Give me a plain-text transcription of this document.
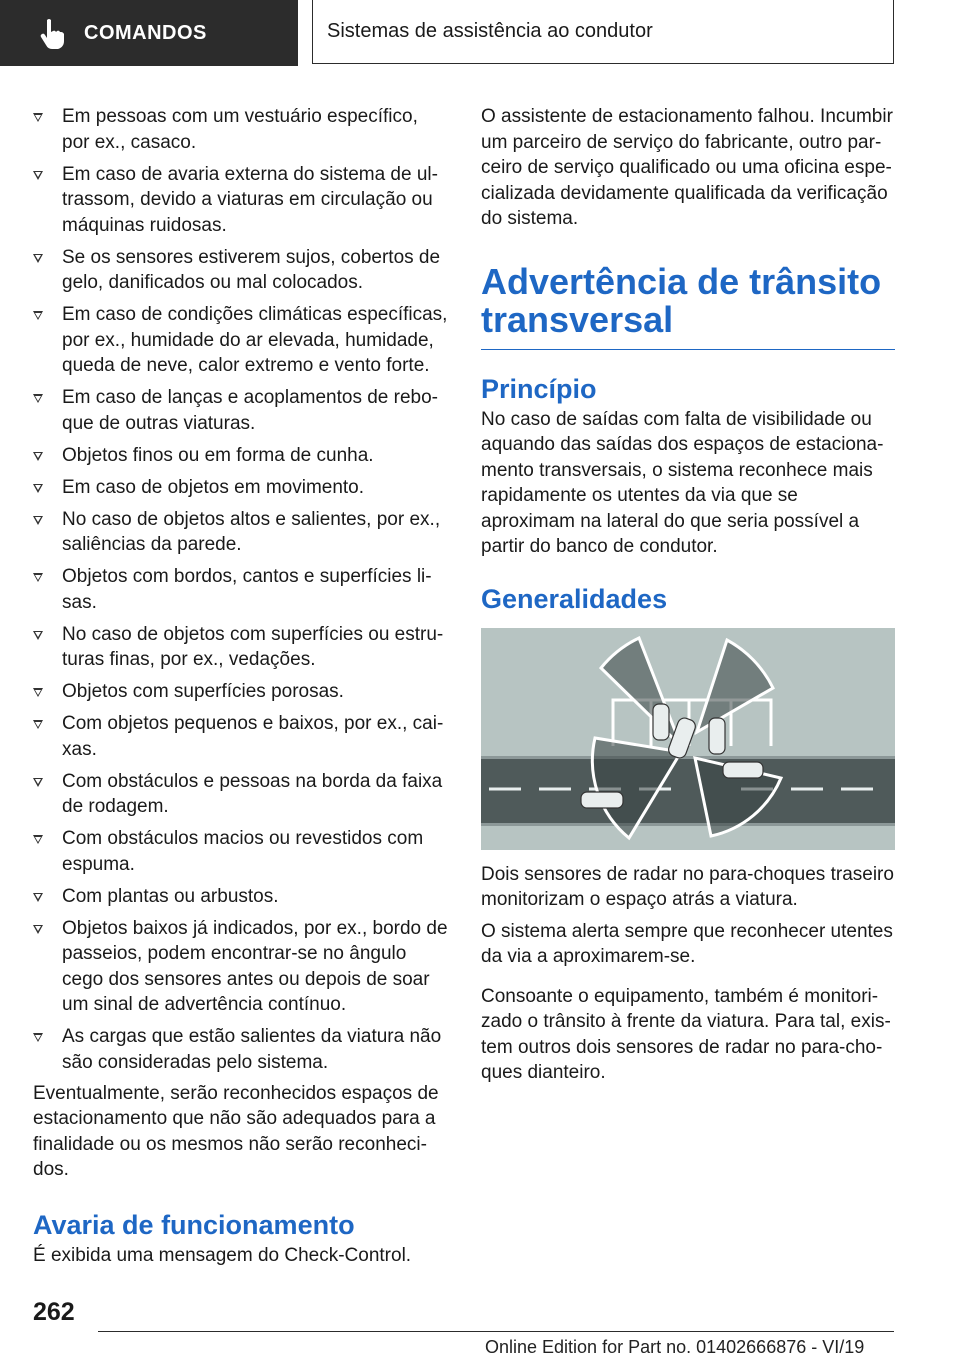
COMANDOS	Sistemas de assistência ao condutor
Em pessoas com um vestuário específico, por ex., casaco.
Em caso de avaria externa do sistema de ultrassom, devido a viaturas em circulação ou máquinas ruidosas.
Se os sensores estiverem sujos, cobertos de gelo, danificados ou mal colocados.
Em caso de condições climáticas específicas, por ex., humidade do ar elevada, humidade, queda de neve, calor extremo e vento forte.
Em caso de lanças e acoplamentos de reboque de outras viaturas.
Objetos finos ou em forma de cunha.
Em caso de objetos em movimento.
No caso de objetos altos e salientes, por ex., saliências da parede.
Objetos com bordos, cantos e superfícies lisas.
No caso de objetos com superfícies ou estruturas finas, por ex., vedações.
Objetos com superfícies porosas.
Com objetos pequenos e baixos, por ex., caixas.
Com obstáculos e pessoas na borda da faixa de rodagem.
Com obstáculos macios ou revestidos com espuma.
Com plantas ou arbustos.
Objetos baixos já indicados, por ex., bordo de passeios, podem encontrar-se no ângulo cego dos sensores antes ou depois de soar um sinal de advertência contínuo.
As cargas que estão salientes da viatura não são consideradas pelo sistema.

Eventualmente, serão reconhecidos espaços de estacionamento que não são adequados para a finalidade ou os mesmos não serão reconhecidos.

Avaria de funcionamento

É exibida uma mensagem do Check-Control.

O assistente de estacionamento falhou. Incumbir um parceiro de serviço do fabricante, outro parceiro de serviço qualificado ou uma oficina especializada devidamente qualificada da verificação do sistema.

Advertência de trânsito transversal
Princípio

No caso de saídas com falta de visibilidade ou aquando das saídas dos espaços de estacionamento transversais, o sistema reconhece mais rapidamente os utentes da via que se aproximam na lateral do que seria possível a partir do banco de condutor.

Generalidades

Dois sensores de radar no para-choques traseiro monitorizam o espaço atrás a viatura.

O sistema alerta sempre que reconhecer utentes da via a aproximarem-se.

Consoante o equipamento, também é monitorizado o trânsito à frente da viatura. Para tal, existem outros dois sensores de radar no para-choques dianteiro.

262
Online Edition for Part no. 01402666876 - VI/19
